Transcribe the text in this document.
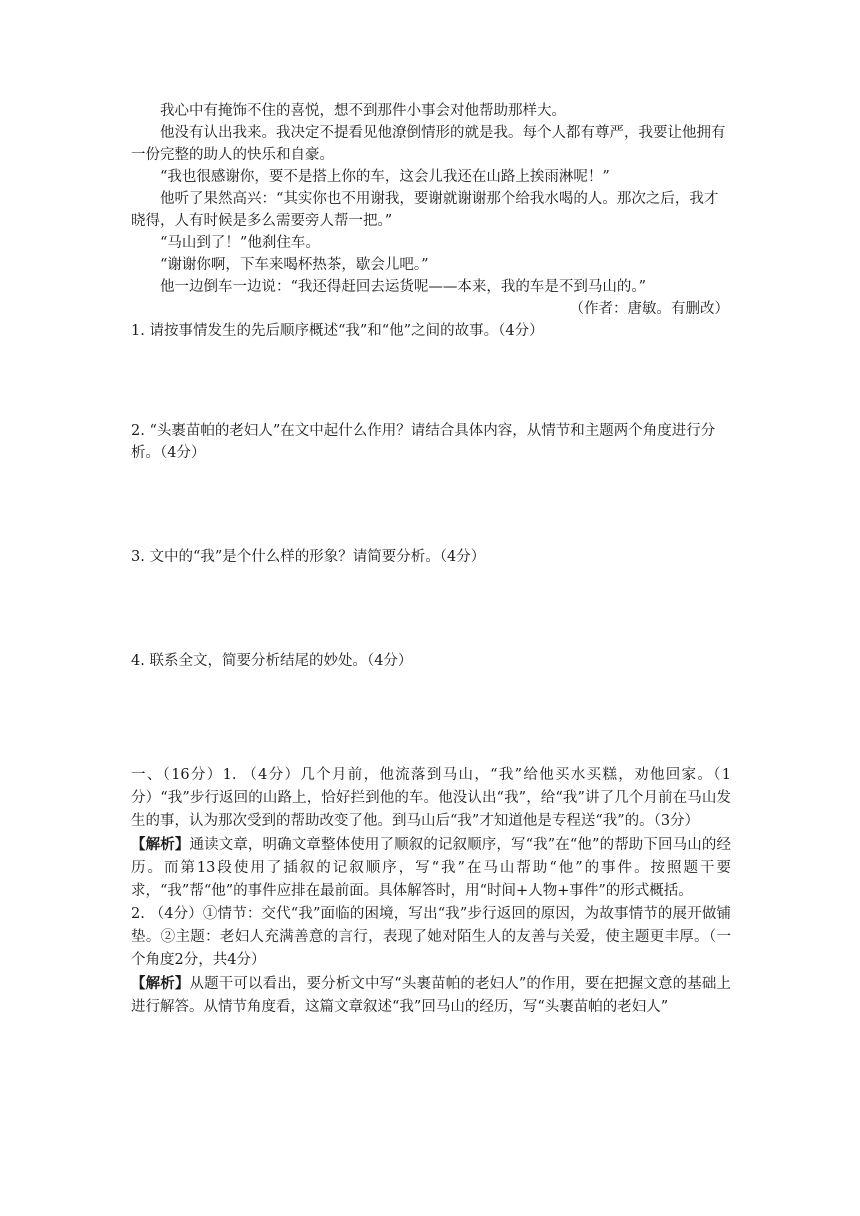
我心中有掩饰不住的喜悦，想不到那件小事会对他帮助那样大。

他没有认出我来。我决定不提看见他潦倒情形的就是我。每个人都有尊严，我要让他拥有一份完整的助人的快乐和自豪。

“我也很感谢你，要不是搭上你的车，这会儿我还在山路上挨雨淋呢！”

他听了果然高兴：“其实你也不用谢我，要谢就谢谢那个给我水喝的人。那次之后，我才晓得，人有时候是多么需要旁人帮一把。”

“马山到了！”他刹住车。

“谢谢你啊，下车来喝杯热茶，歇会儿吧。”

他一边倒车一边说：“我还得赶回去运货呢——本来，我的车是不到马山的。”

（作者：唐敏。有删改）

1. 请按事情发生的先后顺序概述“我”和“他”之间的故事。（4分）

2. “头裹苗帕的老妇人”在文中起什么作用？请结合具体内容，从情节和主题两个角度进行分析。（4分）

3. 文中的“我”是个什么样的形象？请简要分析。（4分）

4. 联系全文，简要分析结尾的妙处。（4分）

一、（16分）1. （4分）几个月前，他流落到马山，“我”给他买水买糕，劝他回家。（1分）“我”步行返回的山路上，恰好拦到他的车。他没认出“我”，给“我”讲了几个月前在马山发生的事，认为那次受到的帮助改变了他。到马山后“我”才知道他是专程送“我”的。（3分）

【解析】通读文章，明确文章整体使用了顺叙的记叙顺序，写“我”在“他”的帮助下回马山的经历。而第13段使用了插叙的记叙顺序，写“我”在马山帮助“他”的事件。按照题干要求，“我”帮“他”的事件应排在最前面。具体解答时，用“时间+人物+事件”的形式概括。

2. （4分）①情节：交代“我”面临的困境，写出“我”步行返回的原因，为故事情节的展开做铺垫。②主题：老妇人充满善意的言行，表现了她对陌生人的友善与关爱，使主题更丰厚。（一个角度2分，共4分）

【解析】从题干可以看出，要分析文中写“头裹苗帕的老妇人”的作用，要在把握文意的基础上进行解答。从情节角度看，这篇文章叙述“我”回马山的经历，写“头裹苗帕的老妇人”
